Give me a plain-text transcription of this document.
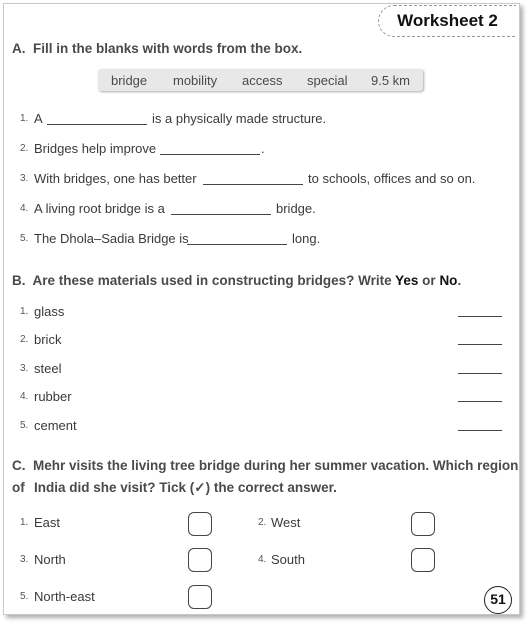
Worksheet 2
A. Fill in the blanks with words from the box.
bridge mobility access special 9.5 km
1. A	is a physically made structure.
2. Bridges help improve	.
3. With bridges, one has better	to schools, offices and so on.
4. A living root bridge is a	bridge.
5. The Dhola–Sadia Bridge is	long.
B. Are these materials used in constructing bridges? Write Yes or No.
1. glass
2. brick
3. steel
4. rubber
5. cement
C. Mehr visits the living tree bridge during her summer vacation. Which region of India did she visit? Tick (✓) the correct answer.
1. East	2. West
3. North	4. South
5. North-east	51
